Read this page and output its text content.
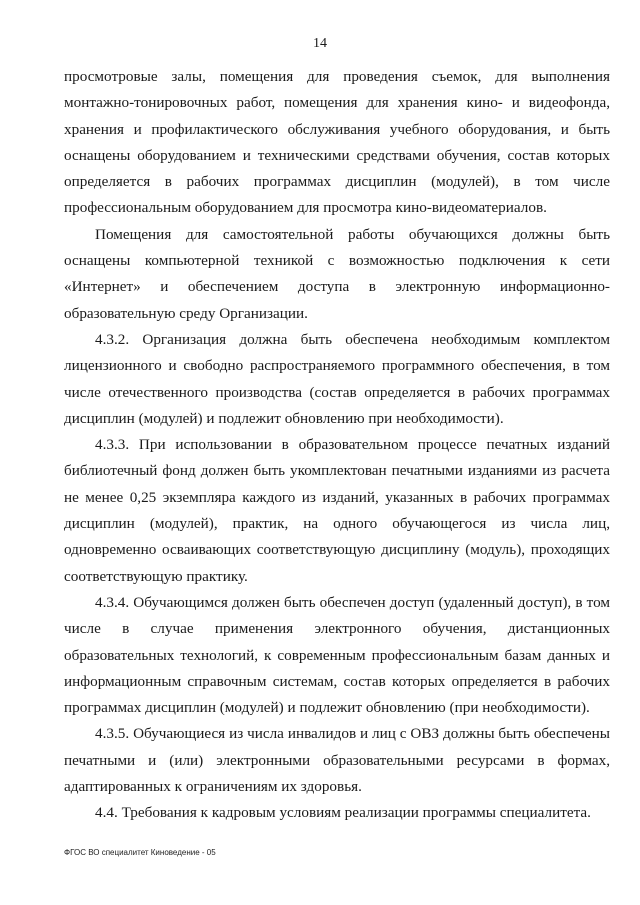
14

просмотровые залы, помещения для проведения съемок, для выполнения монтажно-тонировочных работ, помещения для хранения кино- и видеофонда, хранения и профилактического обслуживания учебного оборудования, и быть оснащены оборудованием и техническими средствами обучения, состав которых определяется в рабочих программах дисциплин (модулей), в том числе профессиональным оборудованием для просмотра кино-видеоматериалов.

Помещения для самостоятельной работы обучающихся должны быть оснащены компьютерной техникой с возможностью подключения к сети «Интернет» и обеспечением доступа в электронную информационно-образовательную среду Организации.

4.3.2. Организация должна быть обеспечена необходимым комплектом лицензионного и свободно распространяемого программного обеспечения, в том числе отечественного производства (состав определяется в рабочих программах дисциплин (модулей) и подлежит обновлению при необходимости).

4.3.3. При использовании в образовательном процессе печатных изданий библиотечный фонд должен быть укомплектован печатными изданиями из расчета не менее 0,25 экземпляра каждого из изданий, указанных в рабочих программах дисциплин (модулей), практик, на одного обучающегося из числа лиц, одновременно осваивающих соответствующую дисциплину (модуль), проходящих соответствующую практику.

4.3.4. Обучающимся должен быть обеспечен доступ (удаленный доступ), в том числе в случае применения электронного обучения, дистанционных образовательных технологий, к современным профессиональным базам данных и информационным справочным системам, состав которых определяется в рабочих программах дисциплин (модулей) и подлежит обновлению (при необходимости).

4.3.5. Обучающиеся из числа инвалидов и лиц с ОВЗ должны быть обеспечены печатными и (или) электронными образовательными ресурсами в формах, адаптированных к ограничениям их здоровья.

4.4. Требования к кадровым условиям реализации программы специалитета.

ФГОС ВО специалитет Киноведение - 05
